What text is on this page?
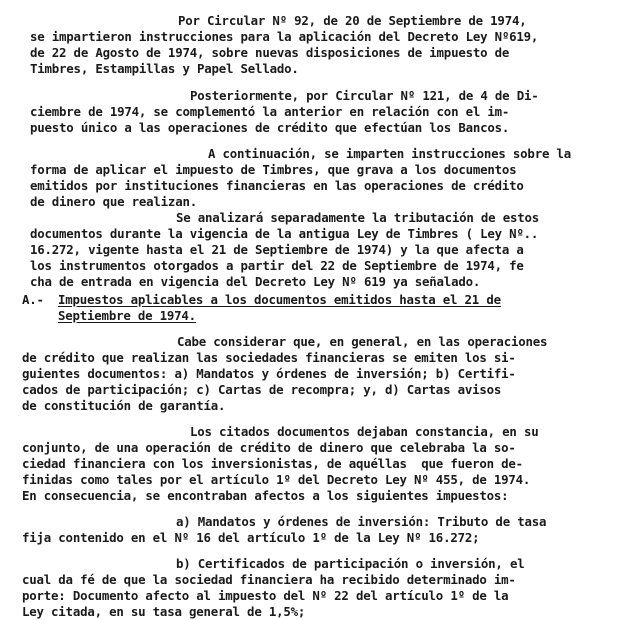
Por Circular Nº 92, de 20 de Septiembre de 1974,
se impartieron instrucciones para la aplicación del Decreto Ley Nº619,
de 22 de Agosto de 1974, sobre nuevas disposiciones de impuesto de
Timbres, Estampillas y Papel Sellado.
Posteriormente, por Circular Nº 121, de 4 de Di-
ciembre de 1974, se complementó la anterior en relación con el im-
puesto único a las operaciones de crédito que efectúan los Bancos.
A continuación, se imparten instrucciones sobre la
forma de aplicar el impuesto de Timbres, que grava a los documentos
emitidos por instituciones financieras en las operaciones de crédito
de dinero que realizan.
Se analizará separadamente la tributación de estos
documentos durante la vigencia de la antigua Ley de Timbres ( Ley Nº..
16.272, vigente hasta el 21 de Septiembre de 1974) y la que afecta a
los instrumentos otorgados a partir del 22 de Septiembre de 1974, fe
cha de entrada en vigencia del Decreto Ley Nº 619 ya señalado.
A.- Impuestos aplicables a los documentos emitidos hasta el 21 de
Septiembre de 1974.
Cabe considerar que, en general, en las operaciones
de crédito que realizan las sociedades financieras se emiten los si-
guientes documentos: a) Mandatos y órdenes de inversión; b) Certifi-
cados de participación; c) Cartas de recompra; y, d) Cartas avisos
de constitución de garantía.
Los citados documentos dejaban constancia, en su
conjunto, de una operación de crédito de dinero que celebraba la so-
ciedad financiera con los inversionistas, de aquéllas  que fueron de-
finidas como tales por el artículo 1º del Decreto Ley Nº 455, de 1974.
En consecuencia, se encontraban afectos a los siguientes impuestos:
a) Mandatos y órdenes de inversión: Tributo de tasa
fija contenido en el Nº 16 del artículo 1º de la Ley Nº 16.272;
b) Certificados de participación o inversión, el
cual da fé de que la sociedad financiera ha recibido determinado im-
porte: Documento afecto al impuesto del Nº 22 del artículo 1º de la
Ley citada, en su tasa general de 1,5%;
